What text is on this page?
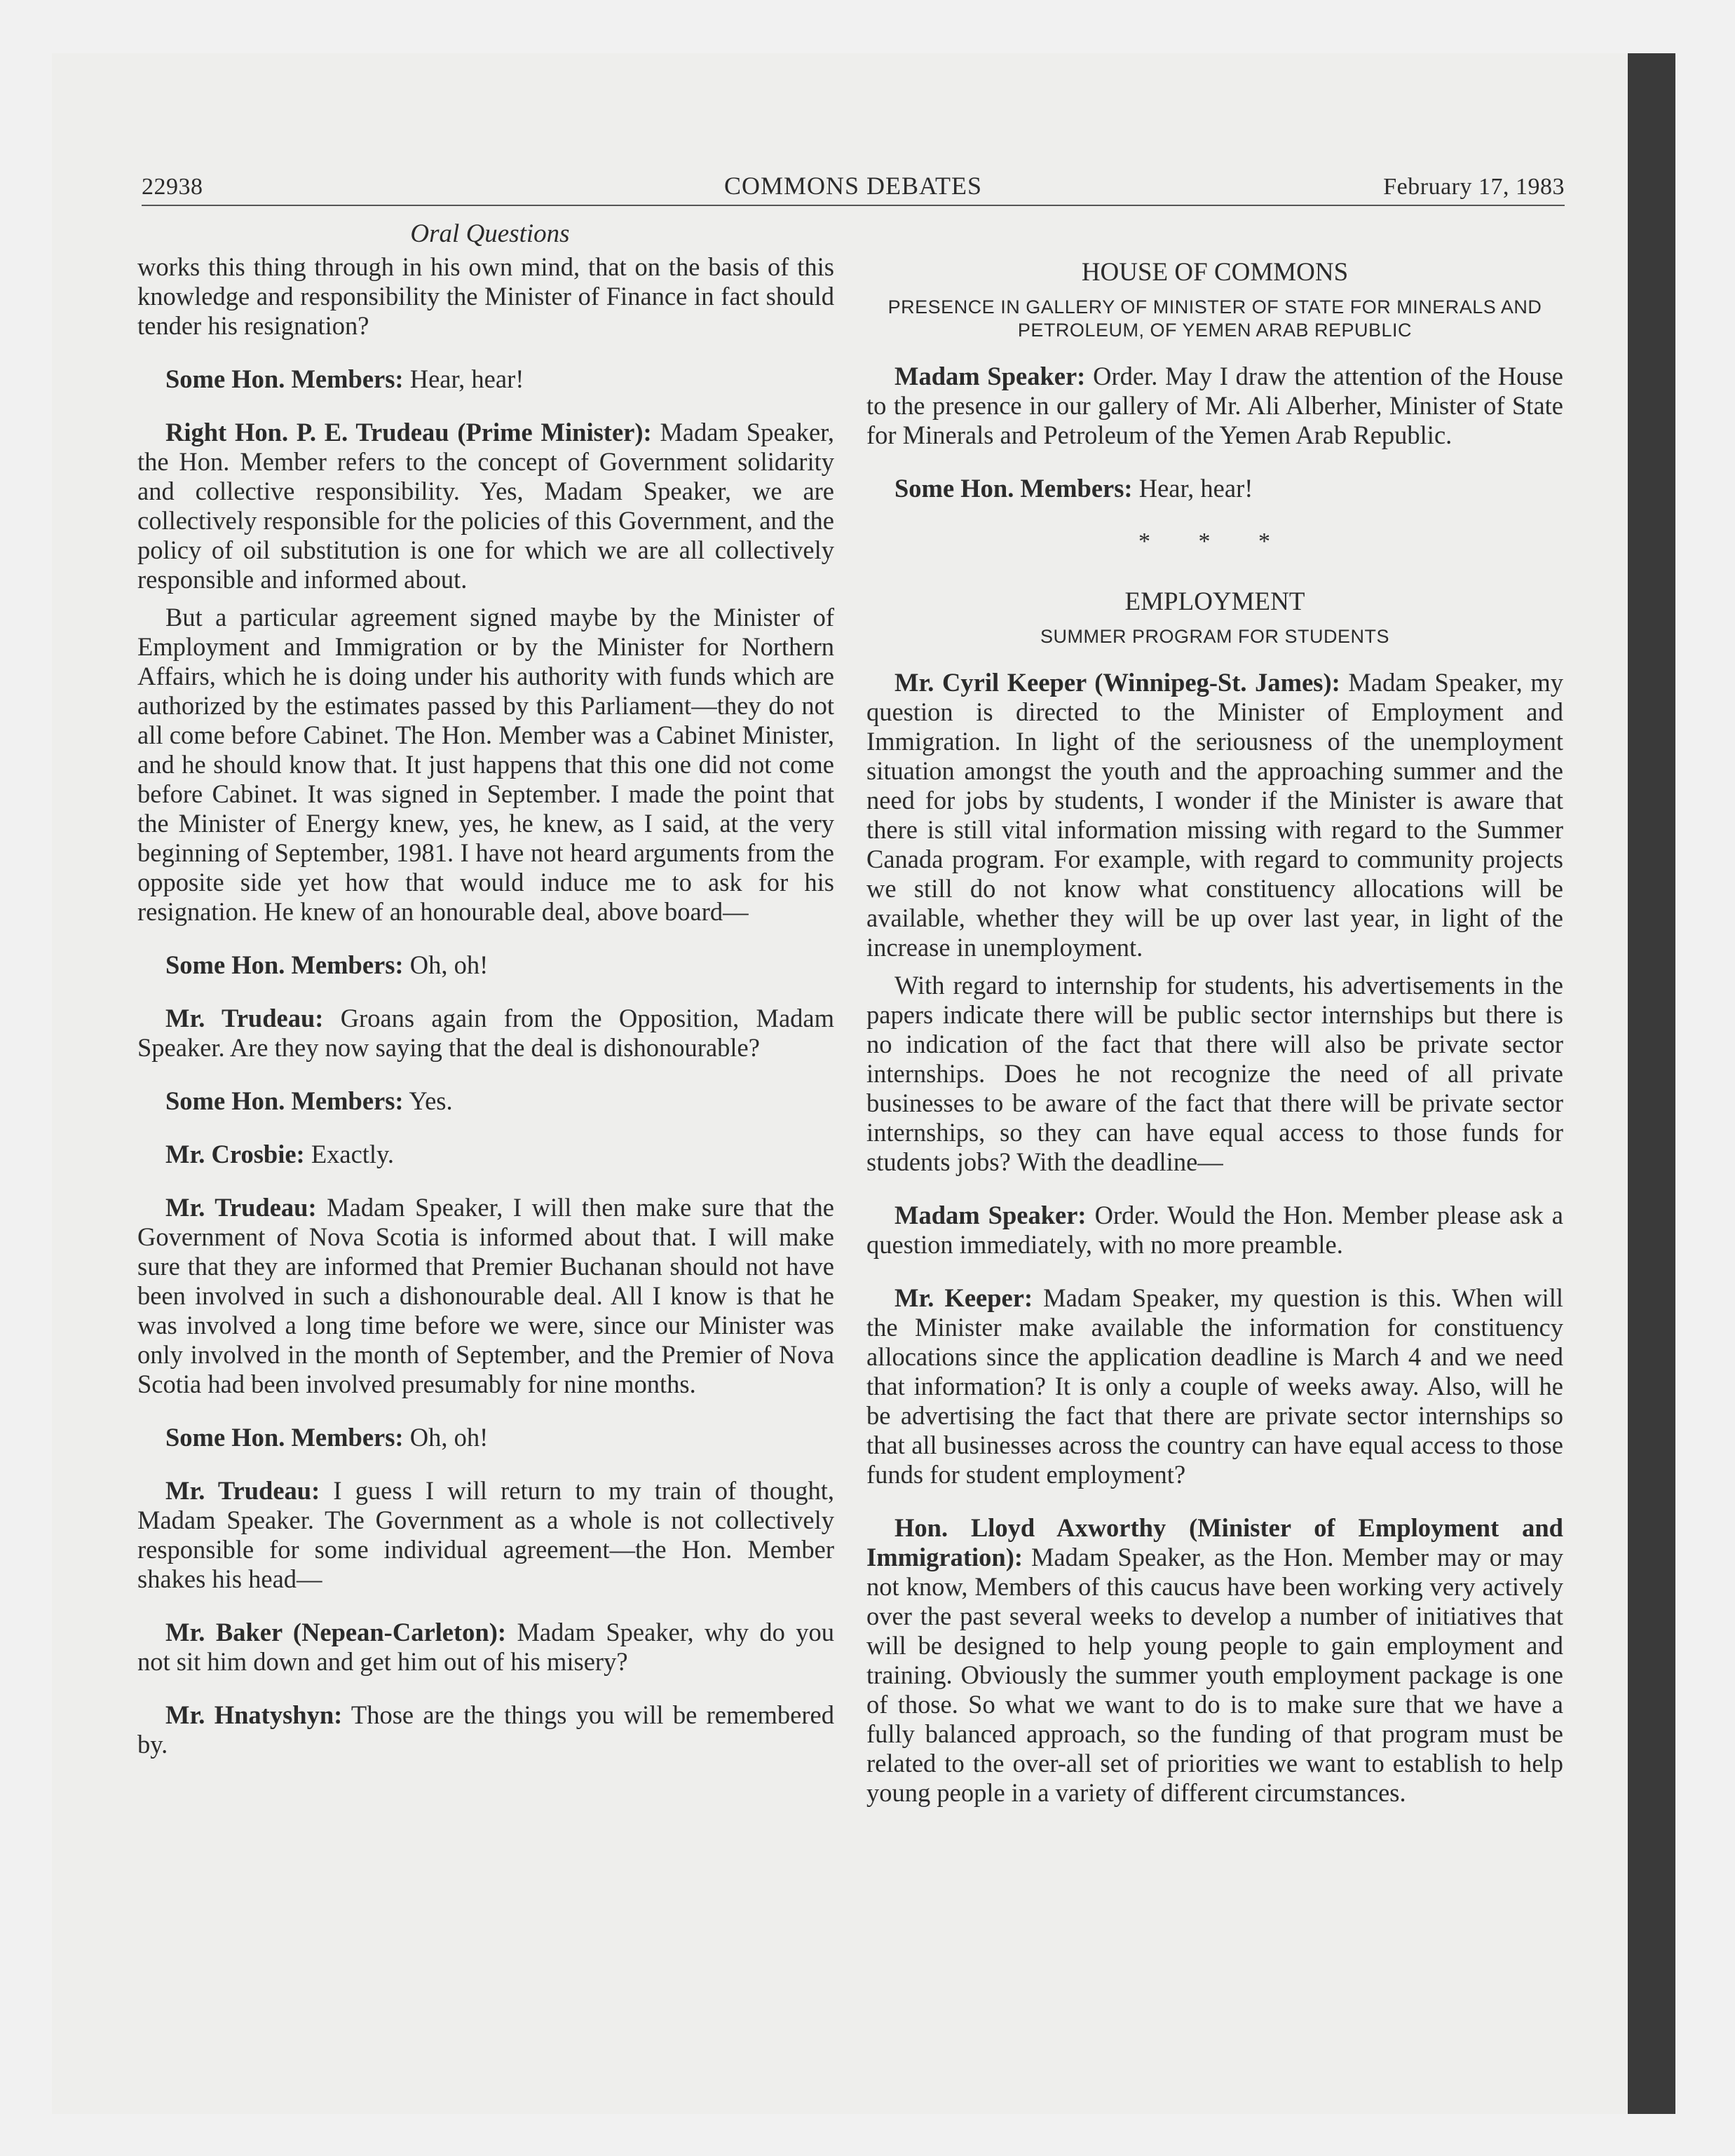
22938	COMMONS DEBATES	February 17, 1983
Oral Questions

works this thing through in his own mind, that on the basis of this knowledge and responsibility the Minister of Finance in fact should tender his resignation?

Some Hon. Members: Hear, hear!

Right Hon. P. E. Trudeau (Prime Minister): Madam Speaker, the Hon. Member refers to the concept of Government solidarity and collective responsibility. Yes, Madam Speaker, we are collectively responsible for the policies of this Government, and the policy of oil substitution is one for which we are all collectively responsible and informed about.

But a particular agreement signed maybe by the Minister of Employment and Immigration or by the Minister for Northern Affairs, which he is doing under his authority with funds which are authorized by the estimates passed by this Parliament—they do not all come before Cabinet. The Hon. Member was a Cabinet Minister, and he should know that. It just happens that this one did not come before Cabinet. It was signed in September. I made the point that the Minister of Energy knew, yes, he knew, as I said, at the very beginning of September, 1981. I have not heard arguments from the opposite side yet how that would induce me to ask for his resignation. He knew of an honourable deal, above board—

Some Hon. Members: Oh, oh!

Mr. Trudeau: Groans again from the Opposition, Madam Speaker. Are they now saying that the deal is dishonourable?

Some Hon. Members: Yes.

Mr. Crosbie: Exactly.

Mr. Trudeau: Madam Speaker, I will then make sure that the Government of Nova Scotia is informed about that. I will make sure that they are informed that Premier Buchanan should not have been involved in such a dishonourable deal. All I know is that he was involved a long time before we were, since our Minister was only involved in the month of September, and the Premier of Nova Scotia had been involved presumably for nine months.

Some Hon. Members: Oh, oh!

Mr. Trudeau: I guess I will return to my train of thought, Madam Speaker. The Government as a whole is not collectively responsible for some individual agreement—the Hon. Member shakes his head—

Mr. Baker (Nepean-Carleton): Madam Speaker, why do you not sit him down and get him out of his misery?

Mr. Hnatyshyn: Those are the things you will be remembered by.

HOUSE OF COMMONS
PRESENCE IN GALLERY OF MINISTER OF STATE FOR MINERALS AND PETROLEUM, OF YEMEN ARAB REPUBLIC

Madam Speaker: Order. May I draw the attention of the House to the presence in our gallery of Mr. Ali Alberher, Minister of State for Minerals and Petroleum of the Yemen Arab Republic.

Some Hon. Members: Hear, hear!

* * *
EMPLOYMENT
SUMMER PROGRAM FOR STUDENTS

Mr. Cyril Keeper (Winnipeg-St. James): Madam Speaker, my question is directed to the Minister of Employment and Immigration. In light of the seriousness of the unemployment situation amongst the youth and the approaching summer and the need for jobs by students, I wonder if the Minister is aware that there is still vital information missing with regard to the Summer Canada program. For example, with regard to community projects we still do not know what constituency allocations will be available, whether they will be up over last year, in light of the increase in unemployment.

With regard to internship for students, his advertisements in the papers indicate there will be public sector internships but there is no indication of the fact that there will also be private sector internships. Does he not recognize the need of all private businesses to be aware of the fact that there will be private sector internships, so they can have equal access to those funds for students jobs? With the deadline—

Madam Speaker: Order. Would the Hon. Member please ask a question immediately, with no more preamble.

Mr. Keeper: Madam Speaker, my question is this. When will the Minister make available the information for constituency allocations since the application deadline is March 4 and we need that information? It is only a couple of weeks away. Also, will he be advertising the fact that there are private sector internships so that all businesses across the country can have equal access to those funds for student employment?

Hon. Lloyd Axworthy (Minister of Employment and Immigration): Madam Speaker, as the Hon. Member may or may not know, Members of this caucus have been working very actively over the past several weeks to develop a number of initiatives that will be designed to help young people to gain employment and training. Obviously the summer youth employment package is one of those. So what we want to do is to make sure that we have a fully balanced approach, so the funding of that program must be related to the over-all set of priorities we want to establish to help young people in a variety of different circumstances.
